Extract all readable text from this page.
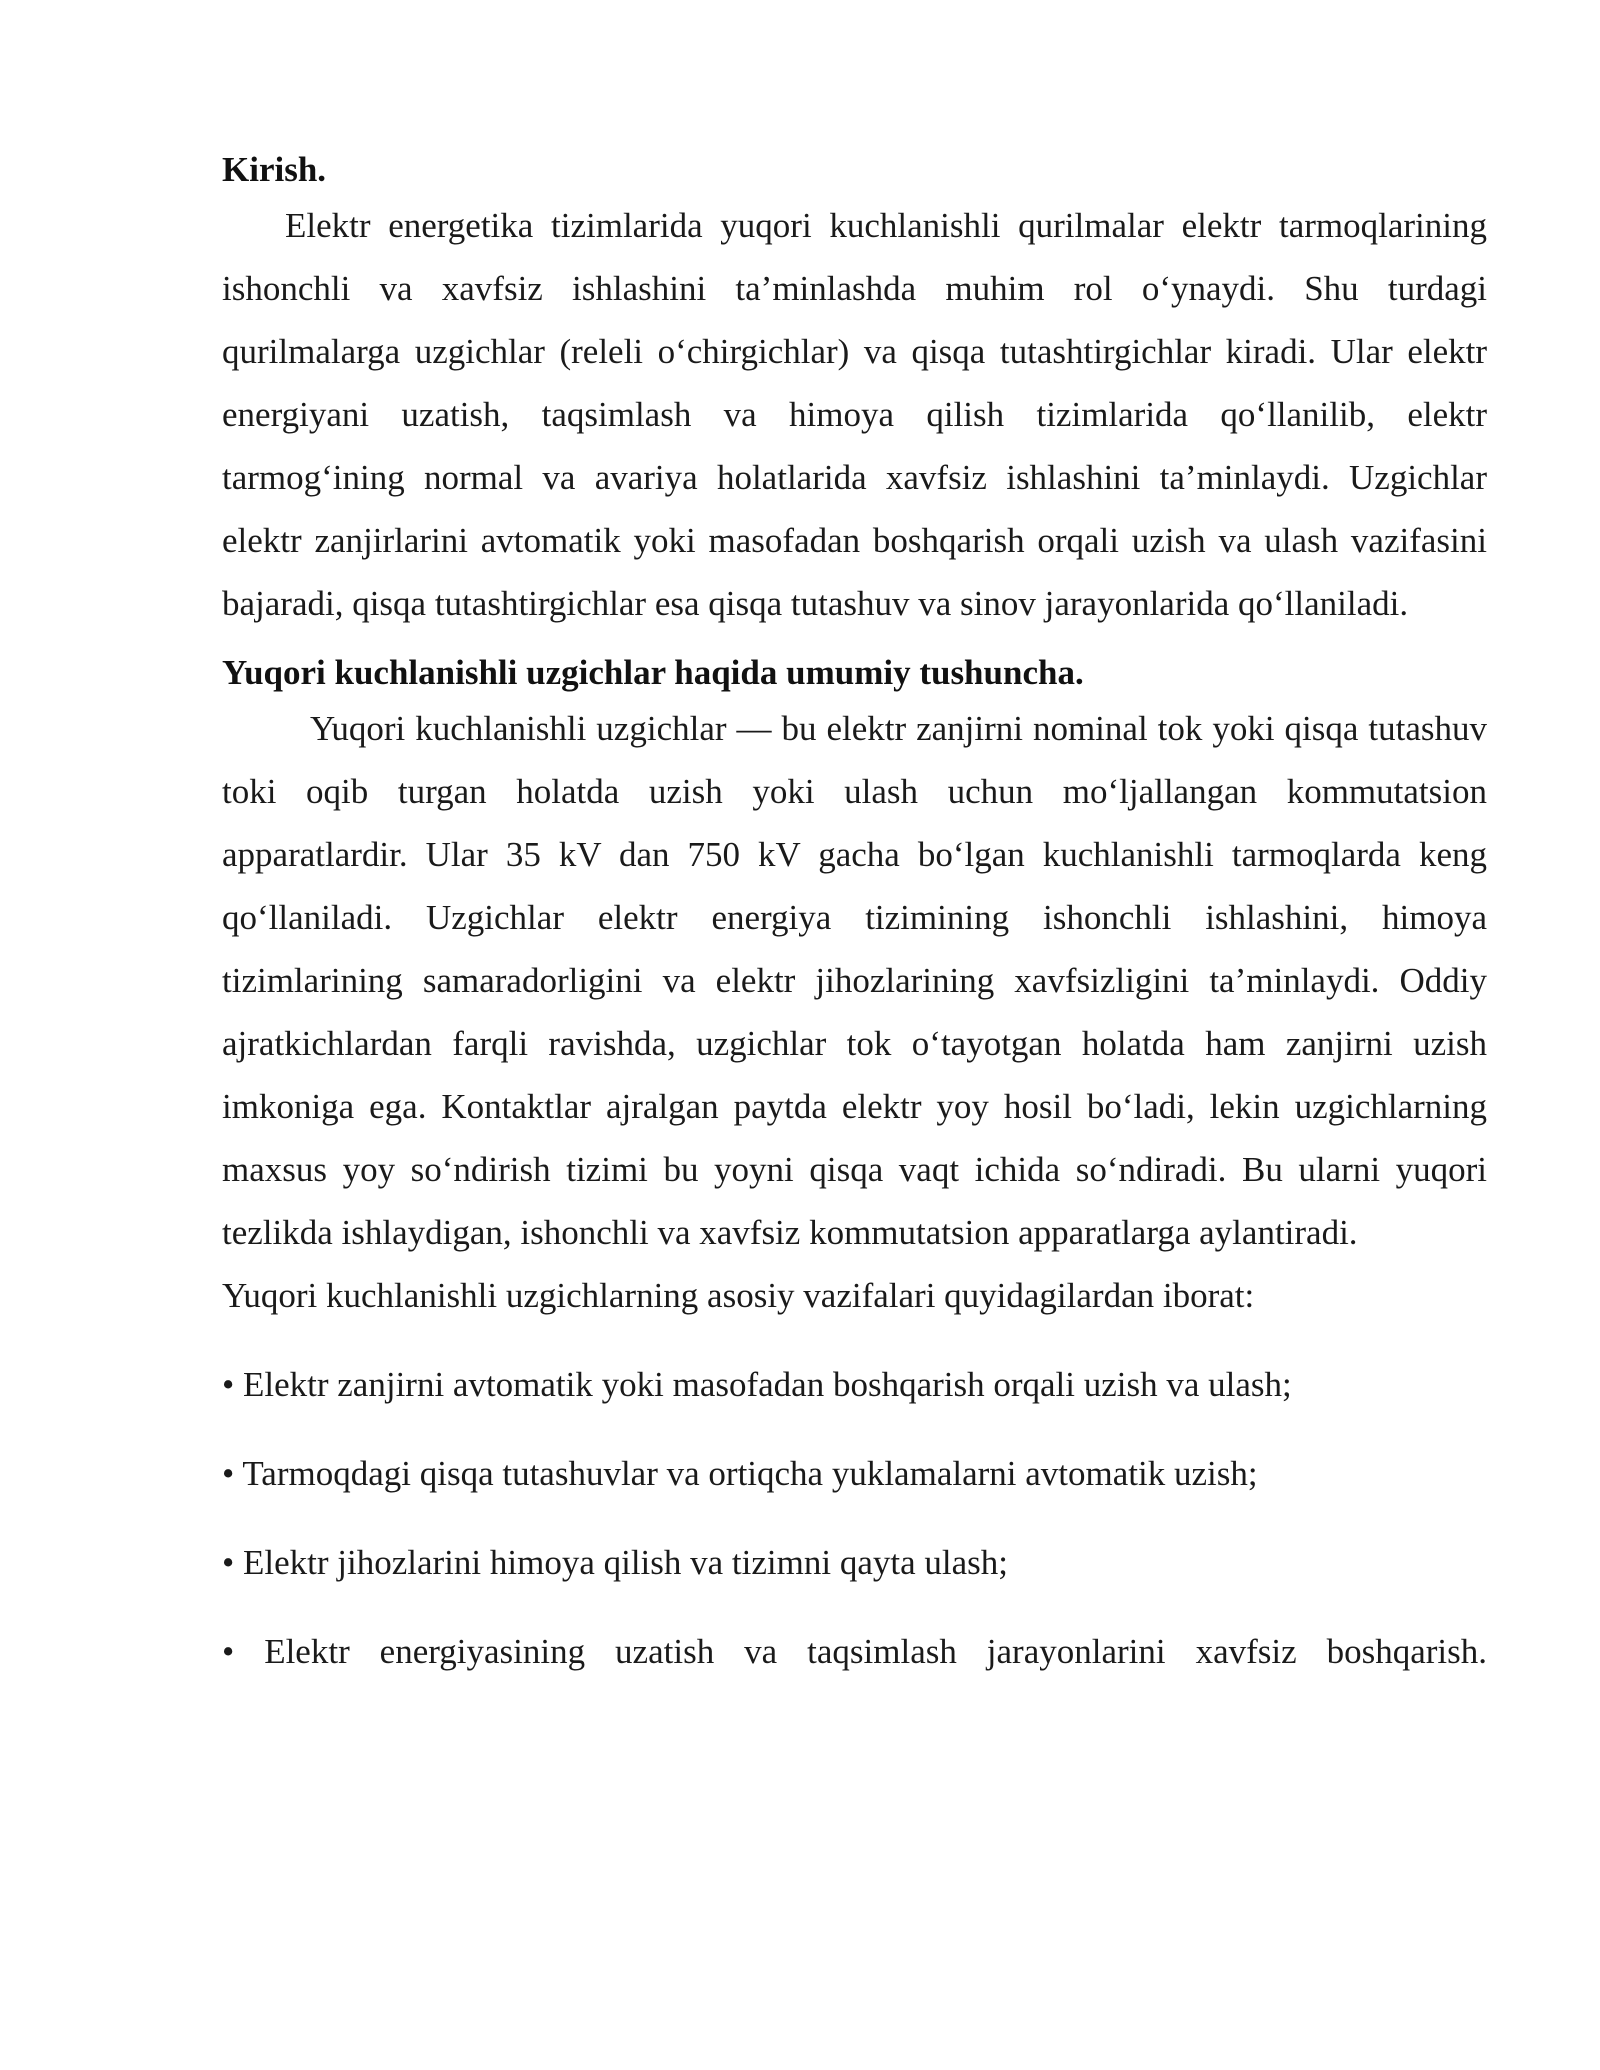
Kirish.

Elektr energetika tizimlarida yuqori kuchlanishli qurilmalar elektr tarmoqlarining ishonchli va xavfsiz ishlashini ta’minlashda muhim rol o‘ynaydi. Shu turdagi qurilmalarga uzgichlar (releli o‘chirgichlar) va qisqa tutashtirgichlar kiradi. Ular elektr energiyani uzatish, taqsimlash va himoya qilish tizimlarida qo‘llanilib, elektr tarmog‘ining normal va avariya holatlarida xavfsiz ishlashini ta’minlaydi. Uzgichlar elektr zanjirlarini avtomatik yoki masofadan boshqarish orqali uzish va ulash vazifasini bajaradi, qisqa tutashtirgichlar esa qisqa tutashuv va sinov jarayonlarida qo‘llaniladi.

Yuqori kuchlanishli uzgichlar haqida umumiy tushuncha.

Yuqori kuchlanishli uzgichlar — bu elektr zanjirni nominal tok yoki qisqa tutashuv toki oqib turgan holatda uzish yoki ulash uchun mo‘ljallangan kommutatsion apparatlardir. Ular 35 kV dan 750 kV gacha bo‘lgan kuchlanishli tarmoqlarda keng qo‘llaniladi. Uzgichlar elektr energiya tizimining ishonchli ishlashini, himoya tizimlarining samaradorligini va elektr jihozlarining xavfsizligini ta’minlaydi. Oddiy ajratkichlardan farqli ravishda, uzgichlar tok o‘tayotgan holatda ham zanjirni uzish imkoniga ega. Kontaktlar ajralgan paytda elektr yoy hosil bo‘ladi, lekin uzgichlarning maxsus yoy so‘ndirish tizimi bu yoyni qisqa vaqt ichida so‘ndiradi. Bu ularni yuqori tezlikda ishlaydigan, ishonchli va xavfsiz kommutatsion apparatlarga aylantiradi.

Yuqori kuchlanishli uzgichlarning asosiy vazifalari quyidagilardan iborat:

• Elektr zanjirni avtomatik yoki masofadan boshqarish orqali uzish va ulash;
• Tarmoqdagi qisqa tutashuvlar va ortiqcha yuklamalarni avtomatik uzish;
• Elektr jihozlarini himoya qilish va tizimni qayta ulash;
• Elektr energiyasining uzatish va taqsimlash jarayonlarini xavfsiz boshqarish.
